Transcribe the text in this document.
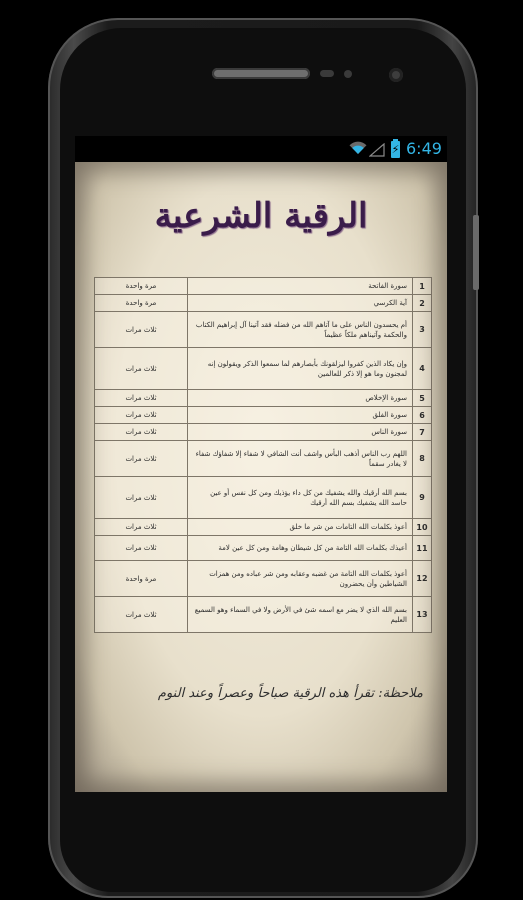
⚡ 6:49
الرقية الشرعية
1	سورة الفاتحة	مرة واحدة
2	آية الكرسي	مرة واحدة
3	أم يحسدون الناس على ما آتاهم الله من فضله فقد آتينا آل إبراهيم الكتاب والحكمة وآتيناهم ملكاً عظيماً	ثلاث مرات
4	وإن يكاد الذين كفروا ليزلقونك بأبصارهم لما سمعوا الذكر ويقولون إنه لمجنون وما هو إلا ذكر للعالمين	ثلاث مرات
5	سورة الإخلاص	ثلاث مرات
6	سورة الفلق	ثلاث مرات
7	سورة الناس	ثلاث مرات
8	اللهم رب الناس أذهب البأس واشف أنت الشافي لا شفاء إلا شفاؤك شفاء لا يغادر سقماً	ثلاث مرات
9	بسم الله أرقيك والله يشفيك من كل داء يؤذيك ومن كل نفس أو عين حاسد الله يشفيك بسم الله أرقيك	ثلاث مرات
10	أعوذ بكلمات الله التامات من شر ما خلق	ثلاث مرات
11	أعيذك بكلمات الله التامة من كل شيطان وهامة ومن كل عين لامة	ثلاث مرات
12	أعوذ بكلمات الله التامة من غضبه وعقابه ومن شر عباده ومن همزات الشياطين وأن يحضرون	مرة واحدة
13	بسم الله الذي لا يضر مع اسمه شئ في الأرض ولا في السماء وهو السميع العليم	ثلاث مرات
ملاحظة: تقرأ هذه الرقية صباحاً وعصراً وعند النوم
